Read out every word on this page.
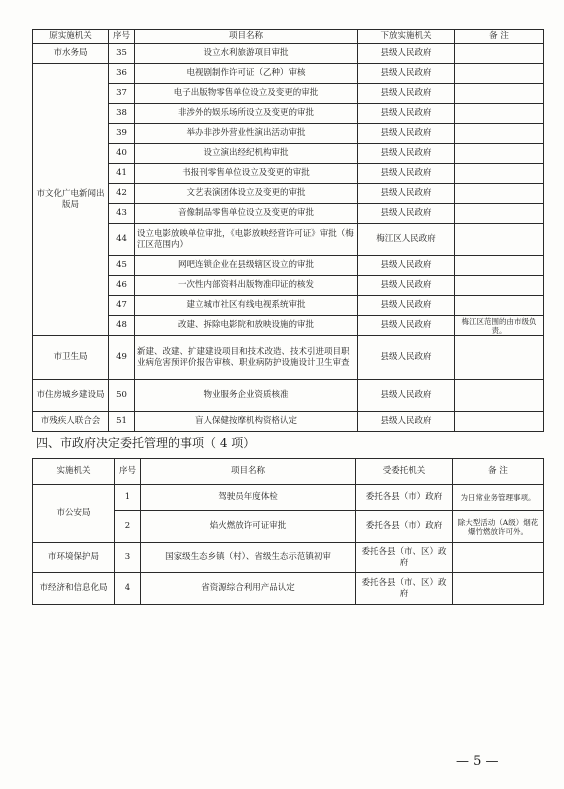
原实施机关	序号	项目名称	下放实施机关	备 注
市水务局	35	设立水利旅游项目审批	县级人民政府	
市文化广电新闻出版局	36	电视剧制作许可证（乙种）审核	县级人民政府	
	37	电子出版物零售单位设立及变更的审批	县级人民政府	
	38	非涉外的娱乐场所设立及变更的审批	县级人民政府	
	39	举办非涉外营业性演出活动审批	县级人民政府	
	40	设立演出经纪机构审批	县级人民政府	
	41	书报刊零售单位设立及变更的审批	县级人民政府	
	42	文艺表演团体设立及变更的审批	县级人民政府	
	43	音像制品零售单位设立及变更的审批	县级人民政府	
	44	设立电影放映单位审批，《电影放映经营许可证》审批（梅江区范围内）	梅江区人民政府	
	45	网吧连锁企业在县级辖区设立的审批	县级人民政府	
	46	一次性内部资料出版物准印证的核发	县级人民政府	
	47	建立城市社区有线电视系统审批	县级人民政府	
	48	改建、拆除电影院和放映设施的审批	县级人民政府	梅江区范围的由市级负责。
市卫生局	49	新建、改建、扩建建设项目和技术改造、技术引进项目职业病危害预评价报告审核、职业病防护设施设计卫生审查	县级人民政府	
市住房城乡建设局	50	物业服务企业资质核准	县级人民政府	
市残疾人联合会	51	盲人保健按摩机构资格认定	县级人民政府	
四、市政府决定委托管理的事项（ 4 项）
实施机关	序号	项目名称	受委托机关	备 注
市公安局	1	驾驶员年度体检	委托各县（市）政府	为日常业务管理事项。
	2	焰火燃放许可证审批	委托各县（市）政府	除大型活动（A级）烟花爆竹燃放许可外。
市环境保护局	3	国家级生态乡镇（村）、省级生态示范镇初审	委托各县（市、区）政府	
市经济和信息化局	4	省资源综合利用产品认定	委托各县（市、区）政府	
— 5 —
